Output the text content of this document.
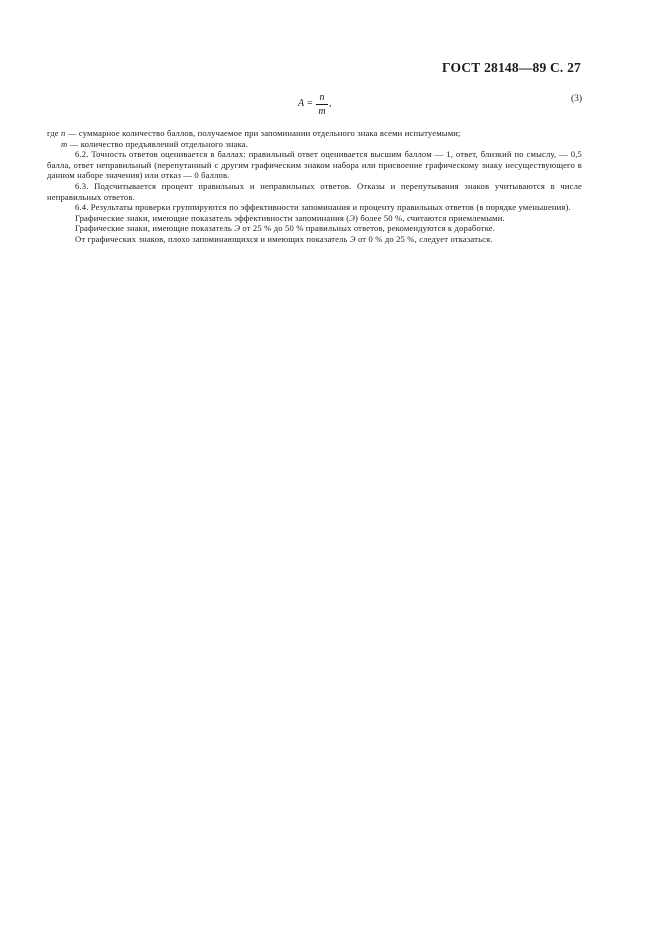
ГОСТ 28148—89 С. 27
A =
n
m
,	(3)

где n — суммарное количество баллов, получаемое при запоминании отдельного знака всеми испытуемыми;

m — количество предъявлений отдельного знака.

6.2. Точность ответов оценивается в баллах: правильный ответ оценивается высшим баллом — 1, ответ, близкий по смыслу, — 0,5 балла, ответ неправильный (перепутанный с другим графическим знаком набора или присвоение графическому знаку несуществующего в данном наборе значения) или отказ — 0 баллов.

6.3. Подсчитывается процент правильных и неправильных ответов. Отказы и перепутывания знаков учитываются в числе неправильных ответов.

6.4. Результаты проверки группируются по эффективности запоминания и проценту правильных ответов (в порядке уменьшения).

Графические знаки, имеющие показатель эффективности запоминания (Э) более 50 %, считаются приемлемыми.

Графические знаки, имеющие показатель Э от 25 % до 50 % правильных ответов, рекомендуются к доработке.

От графических знаков, плохо запоминающихся и имеющих показатель Э от 0 % до 25 %, следует отказаться.
